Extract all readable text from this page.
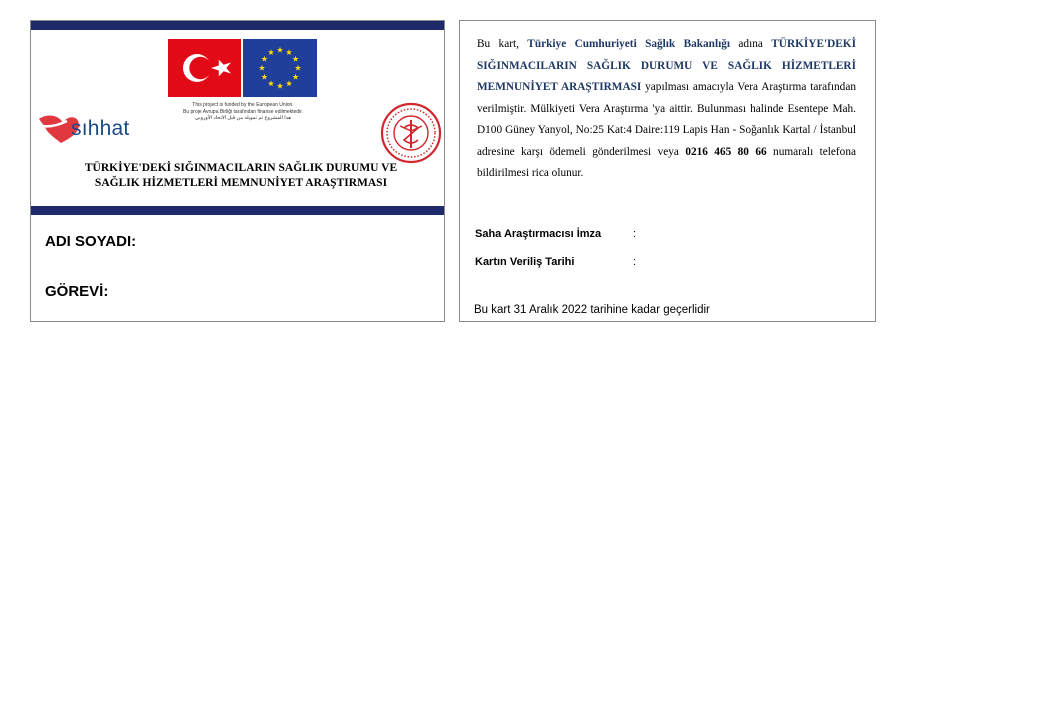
This project is funded by the European Union.
Bu proje Avrupa Birliği tarafından finanse edilmektedir.
هذا المشروع تم تمويله من قبل الاتحاد الأوروبي
sıhhat
TÜRKİYE'DEKİ SIĞINMACILARIN SAĞLIK DURUMU VE
SAĞLIK HİZMETLERİ MEMNUNİYET ARAŞTIRMASI
ADI SOYADI:
GÖREVİ:
Bu kart, Türkiye Cumhuriyeti Sağlık Bakanlığı adına TÜRKİYE'DEKİ SIĞINMACILARIN SAĞLIK DURUMU VE SAĞLIK HİZMETLERİ MEMNUNİYET ARAŞTIRMASI yapılması amacıyla Vera Araştırma tarafından verilmiştir. Mülkiyeti Vera Araştırma 'ya aittir. Bulunması halinde Esentepe Mah. D100 Güney Yanyol, No:25 Kat:4 Daire:119 Lapis Han - Soğanlık Kartal / İstanbul adresine karşı ödemeli gönderilmesi veya 0216 465 80 66 numaralı telefona bildirilmesi rica olunur.
Saha Araştırmacısı İmza	:
Kartın Veriliş Tarihi	:
Bu kart 31 Aralık 2022 tarihine kadar geçerlidir
